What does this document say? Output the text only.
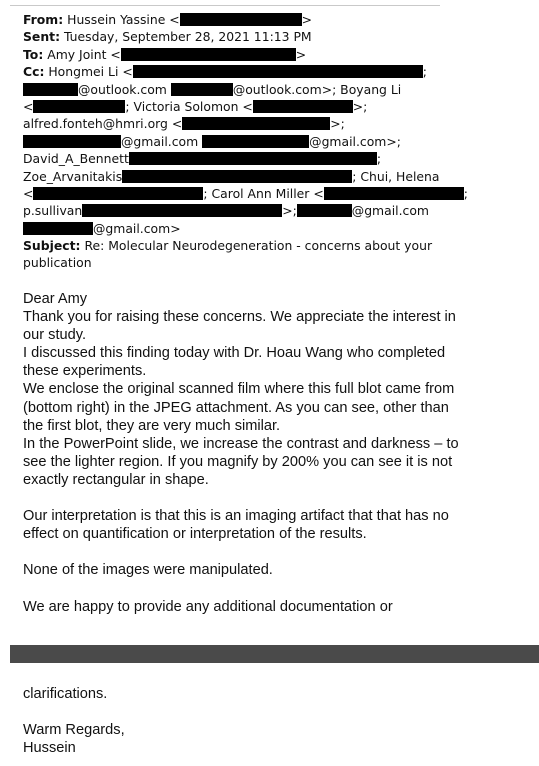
From: Hussein Yassine <	>
Sent: Tuesday, September 28, 2021 11:13 PM
To: Amy Joint <	>
Cc: Hongmei Li <	;
@outlook.com	@outlook.com>; Boyang Li
<	; Victoria Solomon <	>;
alfred.fonteh@hmri.org <	>;
@gmail.com	@gmail.com>;
David_A_Bennett	;
Zoe_Arvanitakis	; Chui, Helena
<	; Carol Ann Miller <	;
p.sullivan	>;	@gmail.com
@gmail.com>
Subject: Re: Molecular Neurodegeneration - concerns about your
publication
Dear Amy
Thank you for raising these concerns. We appreciate the interest in
our study.
I discussed this finding today with Dr. Hoau Wang who completed
these experiments.
We enclose the original scanned film where this full blot came from
(bottom right) in the JPEG attachment. As you can see, other than
the first blot, they are very much similar.
In the PowerPoint slide, we increase the contrast and darkness – to
see the lighter region. If you magnify by 200% you can see it is not
exactly rectangular in shape.
Our interpretation is that this is an imaging artifact that that has no
effect on quantification or interpretation of the results.
None of the images were manipulated.
We are happy to provide any additional documentation or
clarifications.
Warm Regards,
Hussein
